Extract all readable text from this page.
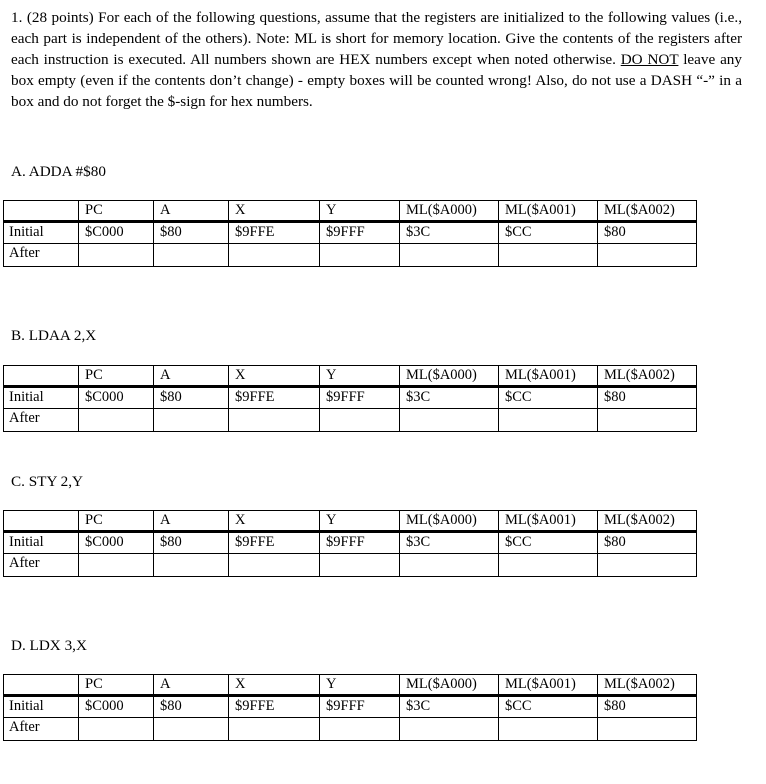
1. (28 points) For each of the following questions, assume that the registers are initialized to the following values (i.e., each part is independent of the others). Note: ML is short for memory location. Give the contents of the registers after each instruction is executed. All numbers shown are HEX numbers except when noted otherwise. DO NOT leave any box empty (even if the contents don’t change) - empty boxes will be counted wrong! Also, do not use a DASH “-” in a box and do not forget the $-sign for hex numbers.
A. ADDA #$80
	PC	A	X	Y	ML($A000)	ML($A001)	ML($A002)
Initial	$C000	$80	$9FFE	$9FFF	$3C	$CC	$80
After							
B. LDAA 2,X
	PC	A	X	Y	ML($A000)	ML($A001)	ML($A002)
Initial	$C000	$80	$9FFE	$9FFF	$3C	$CC	$80
After							
C. STY 2,Y
	PC	A	X	Y	ML($A000)	ML($A001)	ML($A002)
Initial	$C000	$80	$9FFE	$9FFF	$3C	$CC	$80
After							
D. LDX 3,X
	PC	A	X	Y	ML($A000)	ML($A001)	ML($A002)
Initial	$C000	$80	$9FFE	$9FFF	$3C	$CC	$80
After							
